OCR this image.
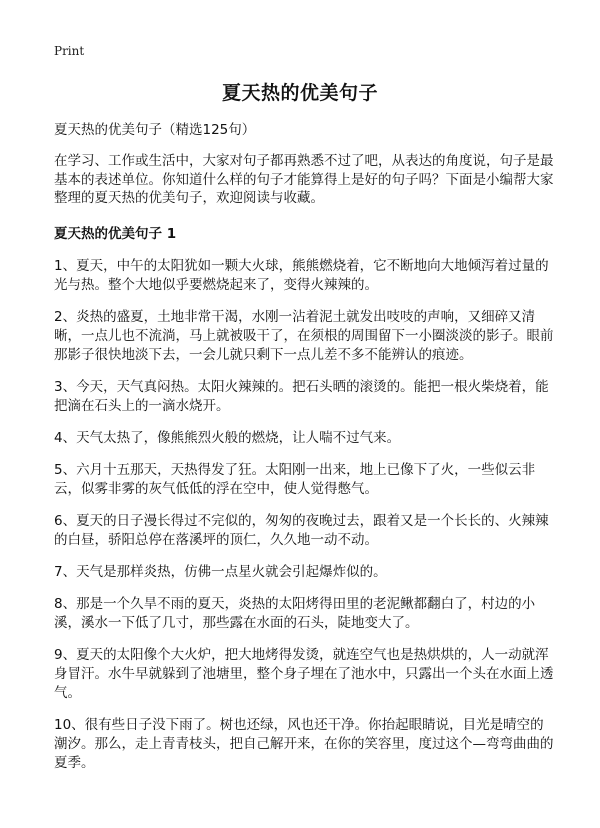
Print
夏天热的优美句子

夏天热的优美句子（精选125句）

在学习、工作或生活中，大家对句子都再熟悉不过了吧，从表达的角度说，句子是最基本的表述单位。你知道什么样的句子才能算得上是好的句子吗？下面是小编帮大家整理的夏天热的优美句子，欢迎阅读与收藏。

夏天热的优美句子 1
1、夏天，中午的太阳犹如一颗大火球，熊熊燃烧着，它不断地向大地倾泻着过量的光与热。整个大地似乎要燃烧起来了，变得火辣辣的。
2、炎热的盛夏，土地非常干渴，水刚一沾着泥土就发出吱吱的声响，又细碎又清晰，一点儿也不流淌，马上就被吸干了，在须根的周围留下一小圈淡淡的影子。眼前那影子很快地淡下去，一会儿就只剩下一点儿差不多不能辨认的痕迹。
3、今天，天气真闷热。太阳火辣辣的。把石头晒的滚烫的。能把一根火柴烧着，能把滴在石头上的一滴水烧开。
4、天气太热了，像熊熊烈火般的燃烧，让人喘不过气来。
5、六月十五那天，天热得发了狂。太阳刚一出来，地上已像下了火，一些似云非云，似雾非雾的灰气低低的浮在空中，使人觉得憋气。
6、夏天的日子漫长得过不完似的，匆匆的夜晚过去，跟着又是一个长长的、火辣辣的白昼，骄阳总停在落溪坪的顶仁，久久地一动不动。
7、天气是那样炎热，仿佛一点星火就会引起爆炸似的。
8、那是一个久旱不雨的夏天，炎热的太阳烤得田里的老泥鳅都翻白了，村边的小溪，溪水一下低了几寸，那些露在水面的石头，陡地变大了。
9、夏天的太阳像个大火炉，把大地烤得发烫，就连空气也是热烘烘的，人一动就浑身冒汗。水牛早就躲到了池塘里，整个身子埋在了池水中，只露出一个头在水面上透气。
10、很有些日子没下雨了。树也还绿，风也还干净。你抬起眼睛说，目光是晴空的潮汐。那么，走上青青枝头，把自己解开来，在你的笑容里，度过这个—弯弯曲曲的夏季。
